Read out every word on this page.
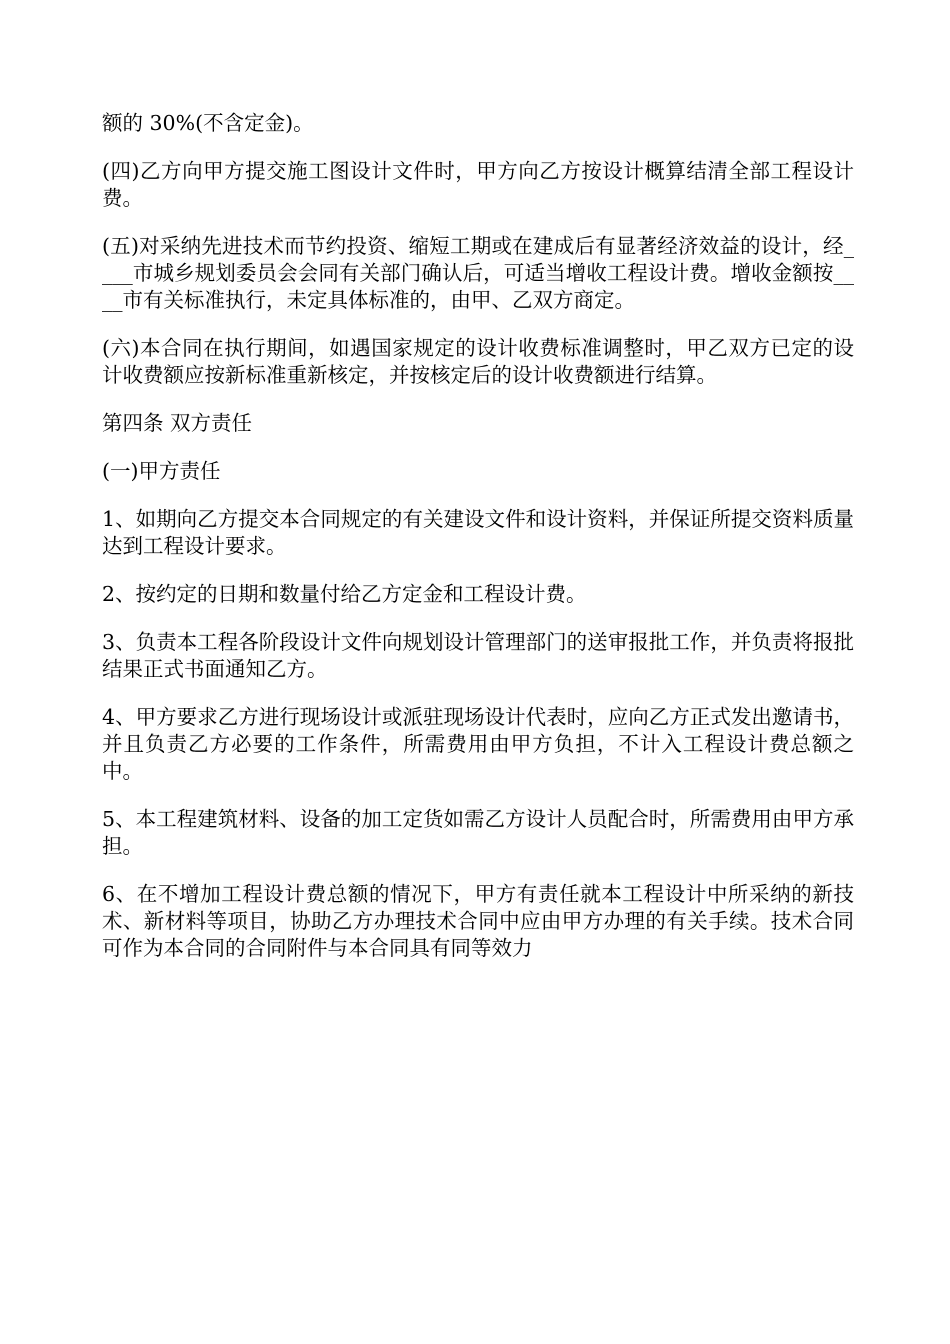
额的 30%(不含定金)。

(四)乙方向甲方提交施工图设计文件时，甲方向乙方按设计概算结清全部工程设计费。

(五)对采纳先进技术而节约投资、缩短工期或在建成后有显著经济效益的设计，经____市城乡规划委员会会同有关部门确认后，可适当增收工程设计费。增收金额按____市有关标准执行，未定具体标准的，由甲、乙双方商定。

(六)本合同在执行期间，如遇国家规定的设计收费标准调整时，甲乙双方已定的设计收费额应按新标准重新核定，并按核定后的设计收费额进行结算。

第四条 双方责任

(一)甲方责任

1、如期向乙方提交本合同规定的有关建设文件和设计资料，并保证所提交资料质量达到工程设计要求。

2、按约定的日期和数量付给乙方定金和工程设计费。

3、负责本工程各阶段设计文件向规划设计管理部门的送审报批工作，并负责将报批结果正式书面通知乙方。

4、甲方要求乙方进行现场设计或派驻现场设计代表时，应向乙方正式发出邀请书，并且负责乙方必要的工作条件，所需费用由甲方负担，不计入工程设计费总额之中。

5、本工程建筑材料、设备的加工定货如需乙方设计人员配合时，所需费用由甲方承担。

6、在不增加工程设计费总额的情况下，甲方有责任就本工程设计中所采纳的新技术、新材料等项目，协助乙方办理技术合同中应由甲方办理的有关手续。技术合同可作为本合同的合同附件与本合同具有同等效力
